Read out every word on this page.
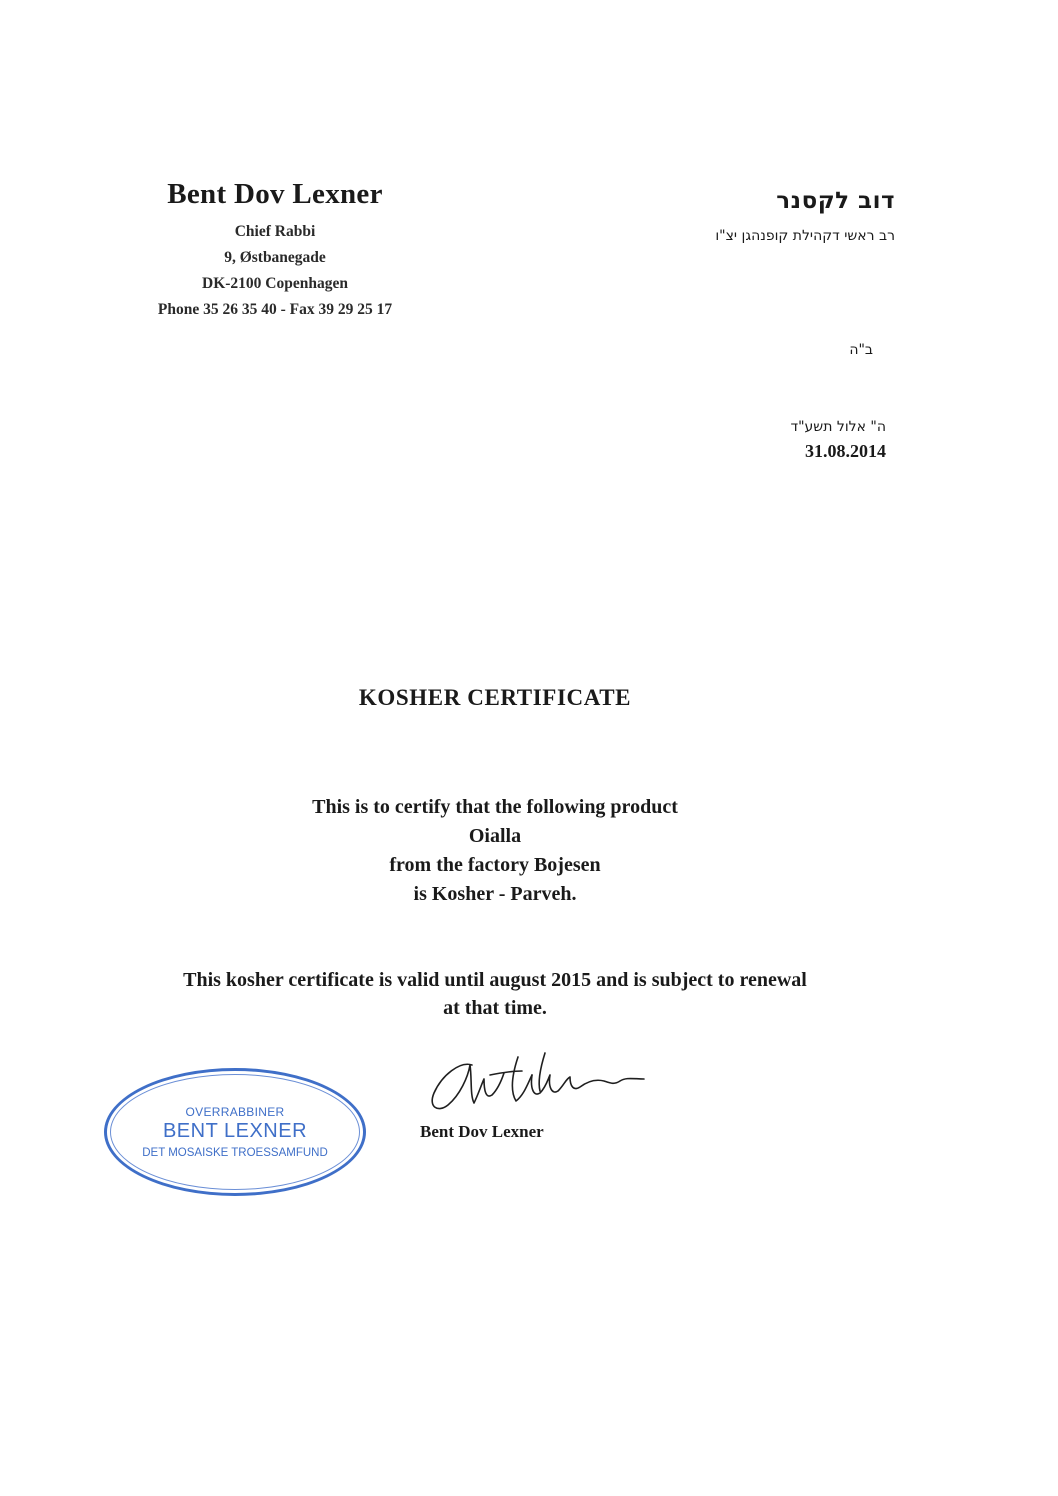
Bent Dov Lexner
Chief Rabbi
9, Østbanegade
DK-2100 Copenhagen
Phone 35 26 35 40 - Fax 39 29 25 17
דוב לקסנר
רב ראשי דקהילת קופנהגן יצ"ו
ב"ה
ה" אלול תשע"ד
31.08.2014
KOSHER CERTIFICATE
This is to certify that the following product
Oialla
from the factory Bojesen
is Kosher - Parveh.
This kosher certificate is valid until august 2015 and is subject to renewal
at that time.
OVERRABBINER
BENT LEXNER
DET MOSAISKE TROESSAMFUND
Bent Dov Lexner
